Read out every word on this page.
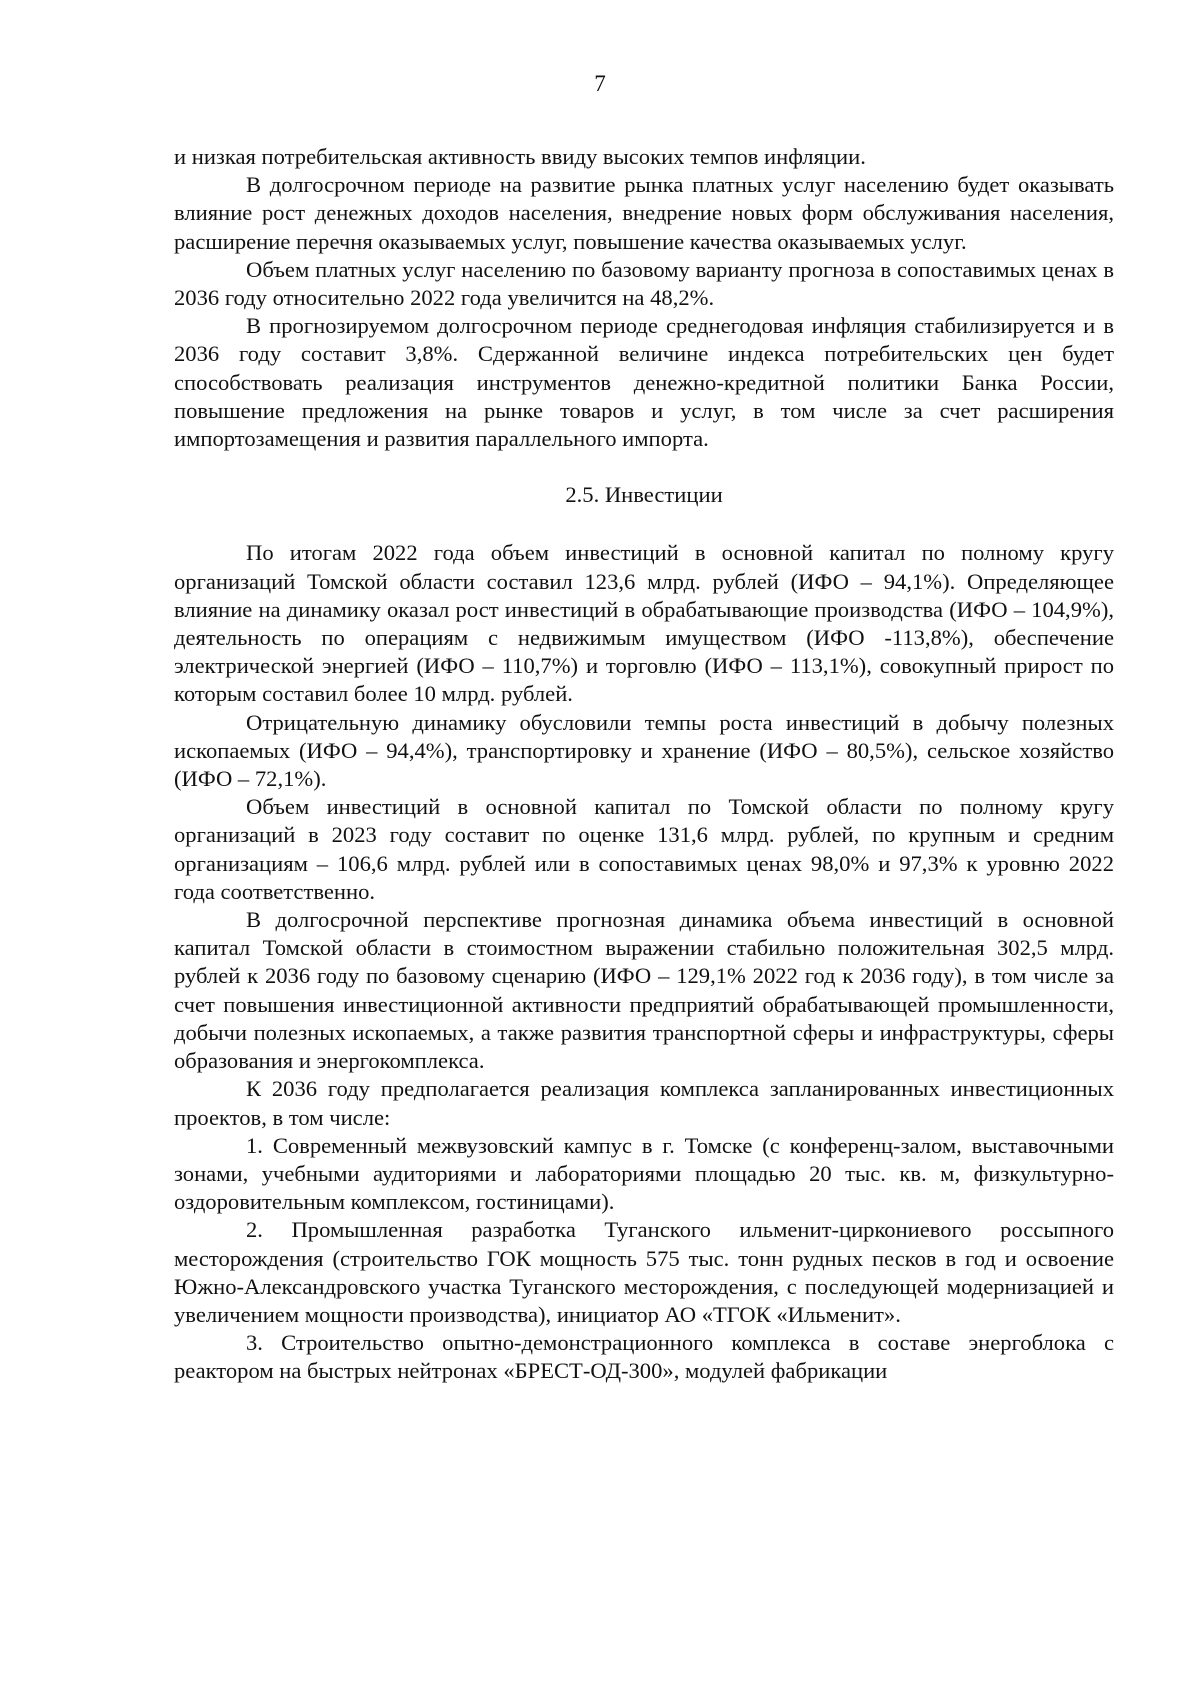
7

и низкая потребительская активность ввиду высоких темпов инфляции.

В долгосрочном периоде на развитие рынка платных услуг населению будет оказывать влияние рост денежных доходов населения, внедрение новых форм обслуживания населения, расширение перечня оказываемых услуг, повышение качества оказываемых услуг.

Объем платных услуг населению по базовому варианту прогноза в сопоставимых ценах в 2036 году относительно 2022 года увеличится на 48,2%.

В прогнозируемом долгосрочном периоде среднегодовая инфляция стабилизируется и в 2036 году составит 3,8%. Сдержанной величине индекса потребительских цен будет способствовать реализация инструментов денежно-кредитной политики Банка России, повышение предложения на рынке товаров и услуг, в том числе за счет расширения импортозамещения и развития параллельного импорта.

2.5. Инвестиции

По итогам 2022 года объем инвестиций в основной капитал по полному кругу организаций Томской области составил 123,6 млрд. рублей (ИФО – 94,1%). Определяющее влияние на динамику оказал рост инвестиций в обрабатывающие производства (ИФО – 104,9%), деятельность по операциям с недвижимым имуществом (ИФО -113,8%), обеспечение электрической энергией (ИФО – 110,7%) и торговлю (ИФО – 113,1%), совокупный прирост по которым составил более 10 млрд. рублей.

Отрицательную динамику обусловили темпы роста инвестиций в добычу полезных ископаемых (ИФО – 94,4%), транспортировку и хранение (ИФО – 80,5%), сельское хозяйство (ИФО – 72,1%).

Объем инвестиций в основной капитал по Томской области по полному кругу организаций в 2023 году составит по оценке 131,6 млрд. рублей, по крупным и средним организациям – 106,6 млрд. рублей или в сопоставимых ценах 98,0% и 97,3% к уровню 2022 года соответственно.

В долгосрочной перспективе прогнозная динамика объема инвестиций в основной капитал Томской области в стоимостном выражении стабильно положительная 302,5 млрд. рублей к 2036 году по базовому сценарию (ИФО – 129,1% 2022 год к 2036 году), в том числе за счет повышения инвестиционной активности предприятий обрабатывающей промышленности, добычи полезных ископаемых, а также развития транспортной сферы и инфраструктуры, сферы образования и энергокомплекса.

К 2036 году предполагается реализация комплекса запланированных инвестиционных проектов, в том числе:

1. Современный межвузовский кампус в г. Томске (с конференц-залом, выставочными зонами, учебными аудиториями и лабораториями площадью 20 тыс. кв. м, физкультурно-оздоровительным комплексом, гостиницами).

2. Промышленная разработка Туганского ильменит-циркониевого россыпного месторождения (строительство ГОК мощность 575 тыс. тонн рудных песков в год и освоение Южно-Александровского участка Туганского месторождения, с последующей модернизацией и увеличением мощности производства), инициатор АО «ТГОК «Ильменит».

3. Строительство опытно-демонстрационного комплекса в составе энергоблока с реактором на быстрых нейтронах «БРЕСТ-ОД-300», модулей фабрикации
